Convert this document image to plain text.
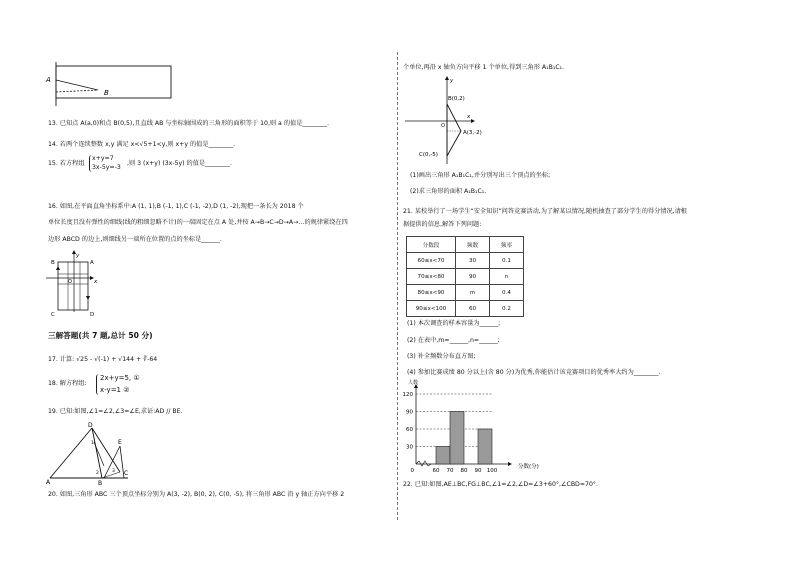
A
B
13. 已知点 A(a,0)和点 B(0,5),且直线 AB 与坐标轴围成的三角形的面积等于 10,则 a 的值是________.
14. 若两个连续整数 x,y 满足 x<√5+1<y,则 x+y 的值是________.
15. 若方程组
x+y=7
3x-5y=-3
,则 3 (x+y) (3x-5y) 的值是________.
16. 如图,在平面直角坐标系中:A (1, 1),B (-1, 1),C (-1, -2),D (1, -2),现把一条长为 2018 个
单位长度且没有弹性的细线(线的粗细忽略不计)的一端固定在点 A 处,并按 A→B→C→D→A→…的规律紧绕在四
边形 ABCD 的边上,则细线另一端所在位置的点的坐标是______.
y
x
B	A
O
C	D
三解答题(共 7 题,总计 50 分)
17. 计算: √25 - √(-1) + √144 + ∛-64
18. 解方程组:
2x+y=5, ①
x-y=1 ②
19. 已知:如图,∠1=∠2,∠3=∠E,求证:AD // BE.
D
E
A	B
C
1
2	3
20. 如图,三角形 ABC 三个顶点坐标分别为 A(3, -2), B(0, 2), C(0, -5), 将三角形 ABC 沿 y 轴正方向平移 2
个单位,再沿 x 轴负方向平移 1 个单位,得到三角形 A₁B₁C₁.
y
x
O
B(0,2)
A(3,-2)
C(0,-5)
(1)画出三角形 A₁B₁C₁,并分别写出三个顶点的坐标;
(2)求三角形的面积 A₁B₁C₁.
21. 某校举行了一场学生“安全知识”问答竞赛活动,为了解某以情况,随机抽查了部分学生的得分情况,请根
据提供的信息,解答下列问题:
分数段	频数	频率
60≤x<70	30	0.1
70≤x<80	90	n
80≤x<90	m	0.4
90≤x<100	60	0.2
(1) 本次调查的样本容量为______;
(2) 在表中,m=______,n=______;
(3) 补全频数分布直方图;
(4) 参加比赛成绩 80 分以上(含 80 分)为优秀,你能估计该竞赛项目的优秀率大约为________.
120
90
60
30
0	60 70 80 90 100
人数
分数(分)
22. 已知:如图,AE⊥BC,FG⊥BC,∠1=∠2,∠D=∠3+60°,∠CBD=70°.
